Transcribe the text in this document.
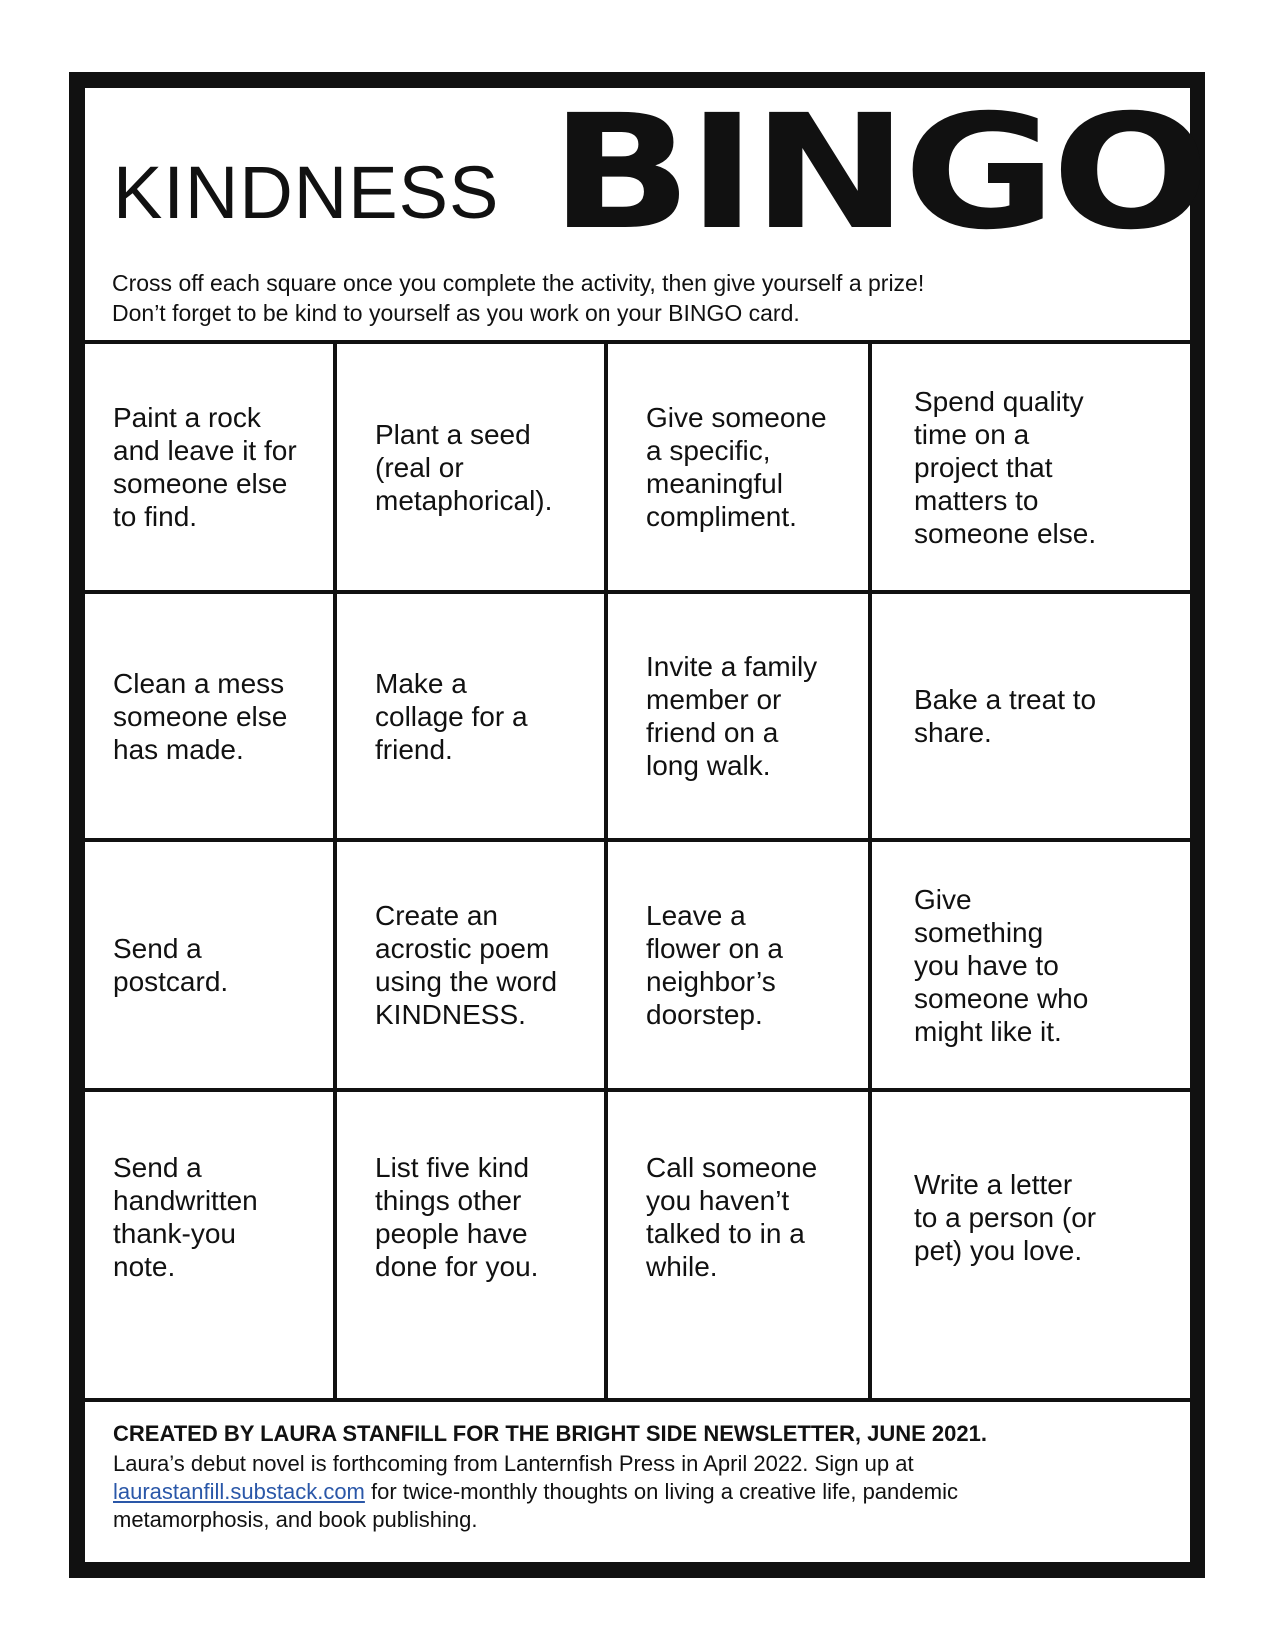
KINDNESS BINGO
Cross off each square once you complete the activity, then give yourself a prize!
Don’t forget to be kind to yourself as you work on your BINGO card.
Paint a rock
and leave it for
someone else
to find.
Plant a seed
(real or
metaphorical).
Give someone
a specific,
meaningful
compliment.
Spend quality
time on a
project that
matters to
someone else.
Clean a mess
someone else
has made.
Make a
collage for a
friend.
Invite a family
member or
friend on a
long walk.
Bake a treat to
share.
Send a
postcard.
Create an
acrostic poem
using the word
KINDNESS.
Leave a
flower on a
neighbor’s
doorstep.
Give
something
you have to
someone who
might like it.
Send a
handwritten
thank-you
note.
List five kind
things other
people have
done for you.
Call someone
you haven’t
talked to in a
while.
Write a letter
to a person (or
pet) you love.
CREATED BY LAURA STANFILL FOR THE BRIGHT SIDE NEWSLETTER, JUNE 2021.
Laura’s debut novel is forthcoming from Lanternfish Press in April 2022. Sign up at
laurastanfill.substack.com for twice-monthly thoughts on living a creative life, pandemic
metamorphosis, and book publishing.
